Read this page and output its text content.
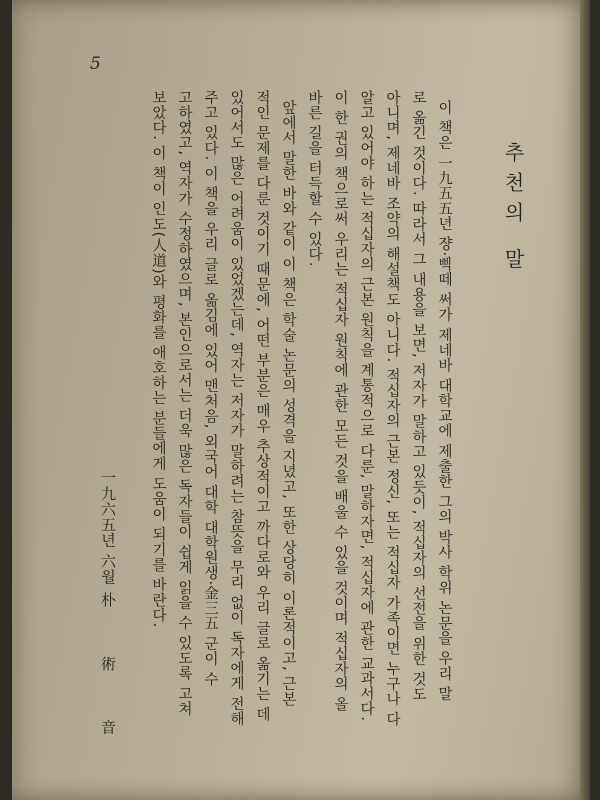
5
추천의 말
이 책은 一九五五년 쟝·삑떼 써가 제네바 대학교에 제출한 그의 박사 학위 논문을 우리 말
로 옮긴 것이다. 따라서 그 내용을 보면, 저자가 말하고 있듯이, 적십자의 선전을 위한 것도
아니며, 제네바 조약의 해설책도 아니다. 적십자의 근본 정신, 또는 적십자 가족이면 누구나 다
알고 있어야 하는 적십자의 근본 원칙을 계통적으로 다룬, 말하자면, 적십자에 관한 교과서다.
이 한 권의 책으로써 우리는 적십자 원칙에 관한 모든 것을 배울 수 있을 것이며 적십자의 올
바른 길을 터득할 수 있다.
앞에서 말한 바와 같이 이 책은 학술 논문의 성격을 지녔고, 또한 상당히 이론적이고, 근본
적인 문제를 다룬 것이기 때문에, 어떤 부분은 매우 추상적이고 까다로와 우리 글로 옮기는 데
있어서도 많은 어려움이 있었겠는데, 역자는 저자가 말하려는 참뜻을 무리 없이 독자에게 전해
주고 있다. 이 책을 우리 글로 옮김에 있어 맨처음, 외국어 대학 대학원생·金三五 군이 수
고하였고, 역자가 수정하였으며, 본인으로서는 더욱 많은 독자들이 쉽게 읽을 수 있도록 고쳐
보았다. 이 책이 인도(人道)와 평화를 애호하는 분들에게 도움이 되기를 바란다.
一九六五년 六월
朴 術 音
